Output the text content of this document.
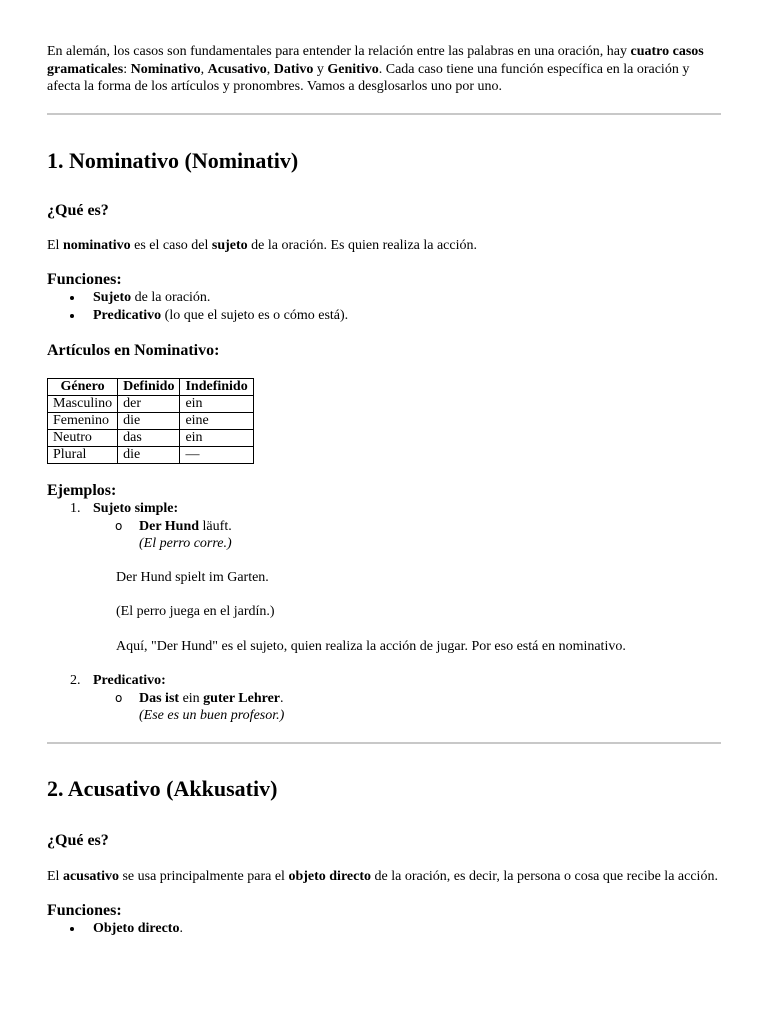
En alemán, los casos son fundamentales para entender la relación entre las palabras en una oración, hay cuatro casos gramaticales: Nominativo, Acusativo, Dativo y Genitivo. Cada caso tiene una función específica en la oración y afecta la forma de los artículos y pronombres. Vamos a desglosarlos uno por uno.

1. Nominativo (Nominativ)
¿Qué es?

El nominativo es el caso del sujeto de la oración. Es quien realiza la acción.

Funciones:
Sujeto de la oración.
Predicativo (lo que el sujeto es o cómo está).
Artículos en Nominativo:
Género	Definido	Indefinido
Masculino	der	ein
Femenino	die	eine
Neutro	das	ein
Plural	die	—
Ejemplos:
1. Sujeto simple:
o Der Hund läuft.
(El perro corre.)

Der Hund spielt im Garten.

(El perro juega en el jardín.)

Aquí, "Der Hund" es el sujeto, quien realiza la acción de jugar. Por eso está en nominativo.

2. Predicativo:
o Das ist ein guter Lehrer.
(Ese es un buen profesor.)
2. Acusativo (Akkusativ)
¿Qué es?

El acusativo se usa principalmente para el objeto directo de la oración, es decir, la persona o cosa que recibe la acción.

Funciones:
Objeto directo.
